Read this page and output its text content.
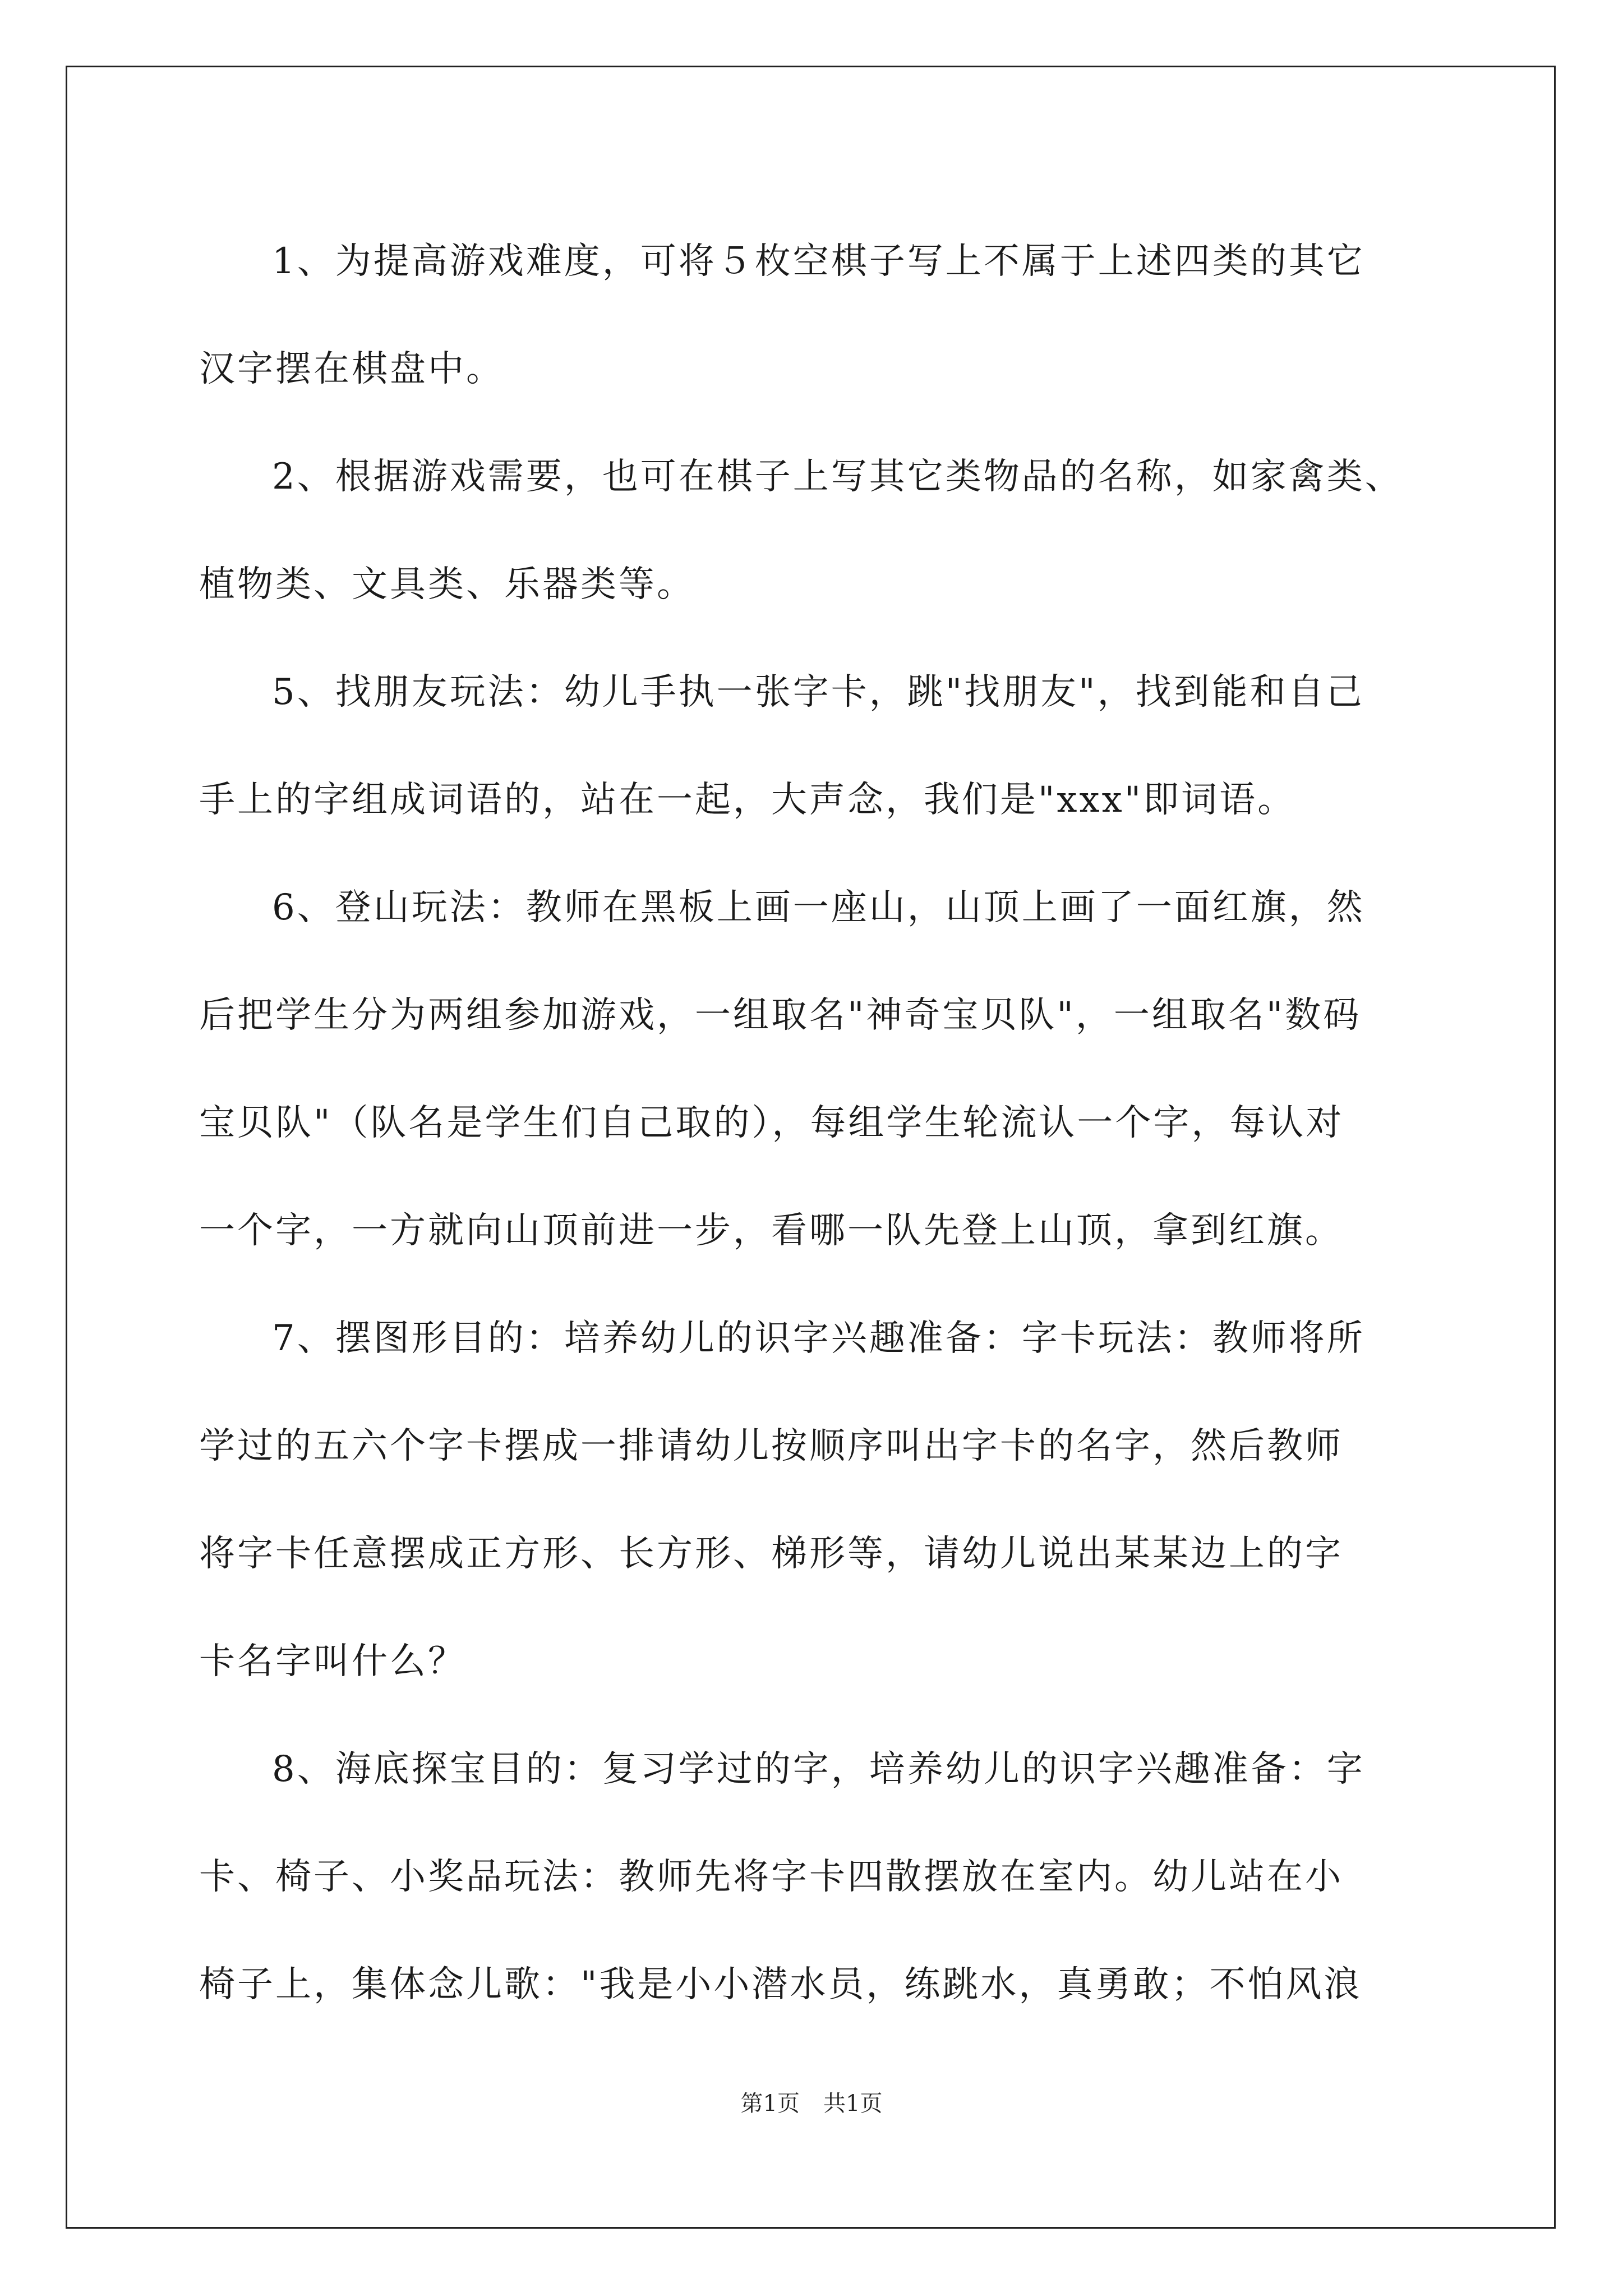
1、为提高游戏难度，可将５枚空棋子写上不属于上述四类的其它
汉字摆在棋盘中。
2、根据游戏需要，也可在棋子上写其它类物品的名称，如家禽类、
植物类、文具类、乐器类等。
5、找朋友玩法：幼儿手执一张字卡，跳"找朋友"，找到能和自己
手上的字组成词语的，站在一起，大声念，我们是"xxx"即词语。
6、登山玩法：教师在黑板上画一座山，山顶上画了一面红旗，然
后把学生分为两组参加游戏，一组取名"神奇宝贝队"，一组取名"数码
宝贝队"（队名是学生们自己取的），每组学生轮流认一个字，每认对
一个字，一方就向山顶前进一步，看哪一队先登上山顶，拿到红旗。
7、摆图形目的：培养幼儿的识字兴趣准备：字卡玩法：教师将所
学过的五六个字卡摆成一排请幼儿按顺序叫出字卡的名字，然后教师
将字卡任意摆成正方形、长方形、梯形等，请幼儿说出某某边上的字
卡名字叫什么？
8、海底探宝目的：复习学过的字，培养幼儿的识字兴趣准备：字
卡、椅子、小奖品玩法：教师先将字卡四散摆放在室内。幼儿站在小
椅子上，集体念儿歌："我是小小潜水员，练跳水，真勇敢；不怕风浪
第1页 共1页
